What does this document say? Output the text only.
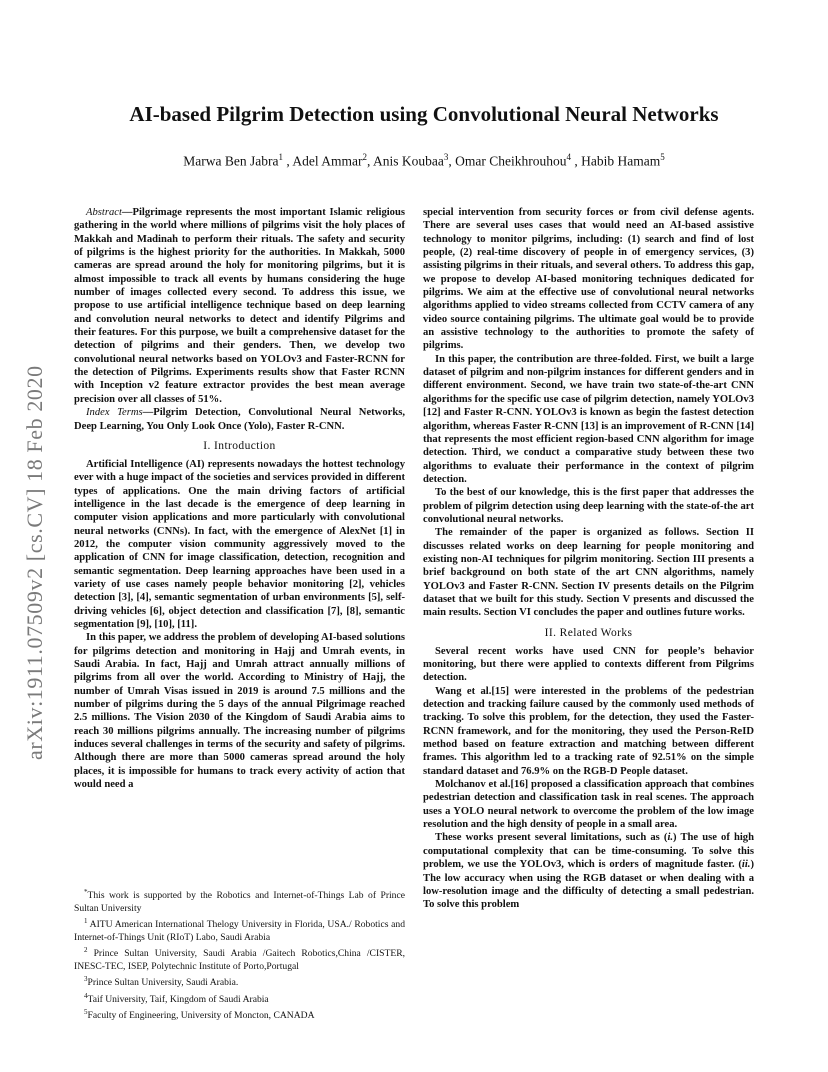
arXiv:1911.07509v2 [cs.CV] 18 Feb 2020
AI-based Pilgrim Detection using Convolutional Neural Networks
Marwa Ben Jabra$^1$ , Adel Ammar$^2$, Anis Koubaa$^3$, Omar Cheikhrouhou$^4$ , Habib Hamam$^5$

Abstract—Pilgrimage represents the most important Islamic religious gathering in the world where millions of pilgrims visit the holy places of Makkah and Madinah to perform their rituals. The safety and security of pilgrims is the highest priority for the authorities. In Makkah, 5000 cameras are spread around the holy for monitoring pilgrims, but it is almost impossible to track all events by humans considering the huge number of images collected every second. To address this issue, we propose to use artificial intelligence technique based on deep learning and convolution neural networks to detect and identify Pilgrims and their features. For this purpose, we built a comprehensive dataset for the detection of pilgrims and their genders. Then, we develop two convolutional neural networks based on YOLOv3 and Faster-RCNN for the detection of Pilgrims. Experiments results show that Faster RCNN with Inception v2 feature extractor provides the best mean average precision over all classes of 51%.

Index Terms—Pilgrim Detection, Convolutional Neural Networks, Deep Learning, You Only Look Once (Yolo), Faster R-CNN.

I. Introduction

Artificial Intelligence (AI) represents nowadays the hottest technology ever with a huge impact of the societies and services provided in different types of applications. One the main driving factors of artificial intelligence in the last decade is the emergence of deep learning in computer vision applications and more particularly with convolutional neural networks (CNNs). In fact, with the emergence of AlexNet [1] in 2012, the computer vision community aggressively moved to the application of CNN for image classification, detection, recognition and semantic segmentation. Deep learning approaches have been used in a variety of use cases namely people behavior monitoring [2], vehicles detection [3], [4], semantic segmentation of urban environments [5], self-driving vehicles [6], object detection and classification [7], [8], semantic segmentation [9], [10], [11].

In this paper, we address the problem of developing AI-based solutions for pilgrims detection and monitoring in Hajj and Umrah events, in Saudi Arabia. In fact, Hajj and Umrah attract annually millions of pilgrims from all over the world. According to Ministry of Hajj, the number of Umrah Visas issued in 2019 is around 7.5 millions and the number of pilgrims during the 5 days of the annual Pilgrimage reached 2.5 millions. The Vision 2030 of the Kingdom of Saudi Arabia aims to reach 30 millions pilgrims annually. The increasing number of pilgrims induces several challenges in terms of the security and safety of pilgrims. Although there are more than 5000 cameras spread around the holy places, it is impossible for humans to track every activity of action that would need a

*This work is supported by the Robotics and Internet-of-Things Lab of Prince Sultan University

$^1$ AITU American International Thelogy University in Florida, USA./ Robotics and Internet-of-Things Unit (RIoT) Labo, Saudi Arabia

$^2$ Prince Sultan University, Saudi Arabia /Gaitech Robotics,China /CISTER, INESC-TEC, ISEP, Polytechnic Institute of Porto,Portugal

$^3$Prince Sultan University, Saudi Arabia.

$^4$Taif University, Taif, Kingdom of Saudi Arabia

$^5$Faculty of Engineering, University of Moncton, CANADA

special intervention from security forces or from civil defense agents. There are several uses cases that would need an AI-based assistive technology to monitor pilgrims, including: (1) search and find of lost people, (2) real-time discovery of people in of emergency services, (3) assisting pilgrims in their rituals, and several others. To address this gap, we propose to develop AI-based monitoring techniques dedicated for pilgrims. We aim at the effective use of convolutional neural networks algorithms applied to video streams collected from CCTV camera of any video source containing pilgrims. The ultimate goal would be to provide an assistive technology to the authorities to promote the safety of pilgrims.

In this paper, the contribution are three-folded. First, we built a large dataset of pilgrim and non-pilgrim instances for different genders and in different environment. Second, we have train two state-of-the-art CNN algorithms for the specific use case of pilgrim detection, namely YOLOv3 [12] and Faster R-CNN. YOLOv3 is known as begin the fastest detection algorithm, whereas Faster R-CNN [13] is an improvement of R-CNN [14] that represents the most efficient region-based CNN algorithm for image detection. Third, we conduct a comparative study between these two algorithms to evaluate their performance in the context of pilgrim detection.

To the best of our knowledge, this is the first paper that addresses the problem of pilgrim detection using deep learning with the state-of-the art convolutional neural networks.

The remainder of the paper is organized as follows. Section II discusses related works on deep learning for people monitoring and existing non-AI techniques for pilgrim monitoring. Section III presents a brief background on both state of the art CNN algorithms, namely YOLOv3 and Faster R-CNN. Section IV presents details on the Pilgrim dataset that we built for this study. Section V presents and discussed the main results. Section VI concludes the paper and outlines future works.

II. Related Works

Several recent works have used CNN for people’s behavior monitoring, but there were applied to contexts different from Pilgrims detection.

Wang et al.[15] were interested in the problems of the pedestrian detection and tracking failure caused by the commonly used methods of tracking. To solve this problem, for the detection, they used the Faster-RCNN framework, and for the monitoring, they used the Person-ReID method based on feature extraction and matching between different frames. This algorithm led to a tracking rate of 92.51% on the simple standard dataset and 76.9% on the RGB-D People dataset.

Molchanov et al.[16] proposed a classification approach that combines pedestrian detection and classification task in real scenes. The approach uses a YOLO neural network to overcome the problem of the low image resolution and the high density of people in a small area.

These works present several limitations, such as (i.) The use of high computational complexity that can be time-consuming. To solve this problem, we use the YOLOv3, which is orders of magnitude faster. (ii.) The low accuracy when using the RGB dataset or when dealing with a low-resolution image and the difficulty of detecting a small pedestrian. To solve this problem
